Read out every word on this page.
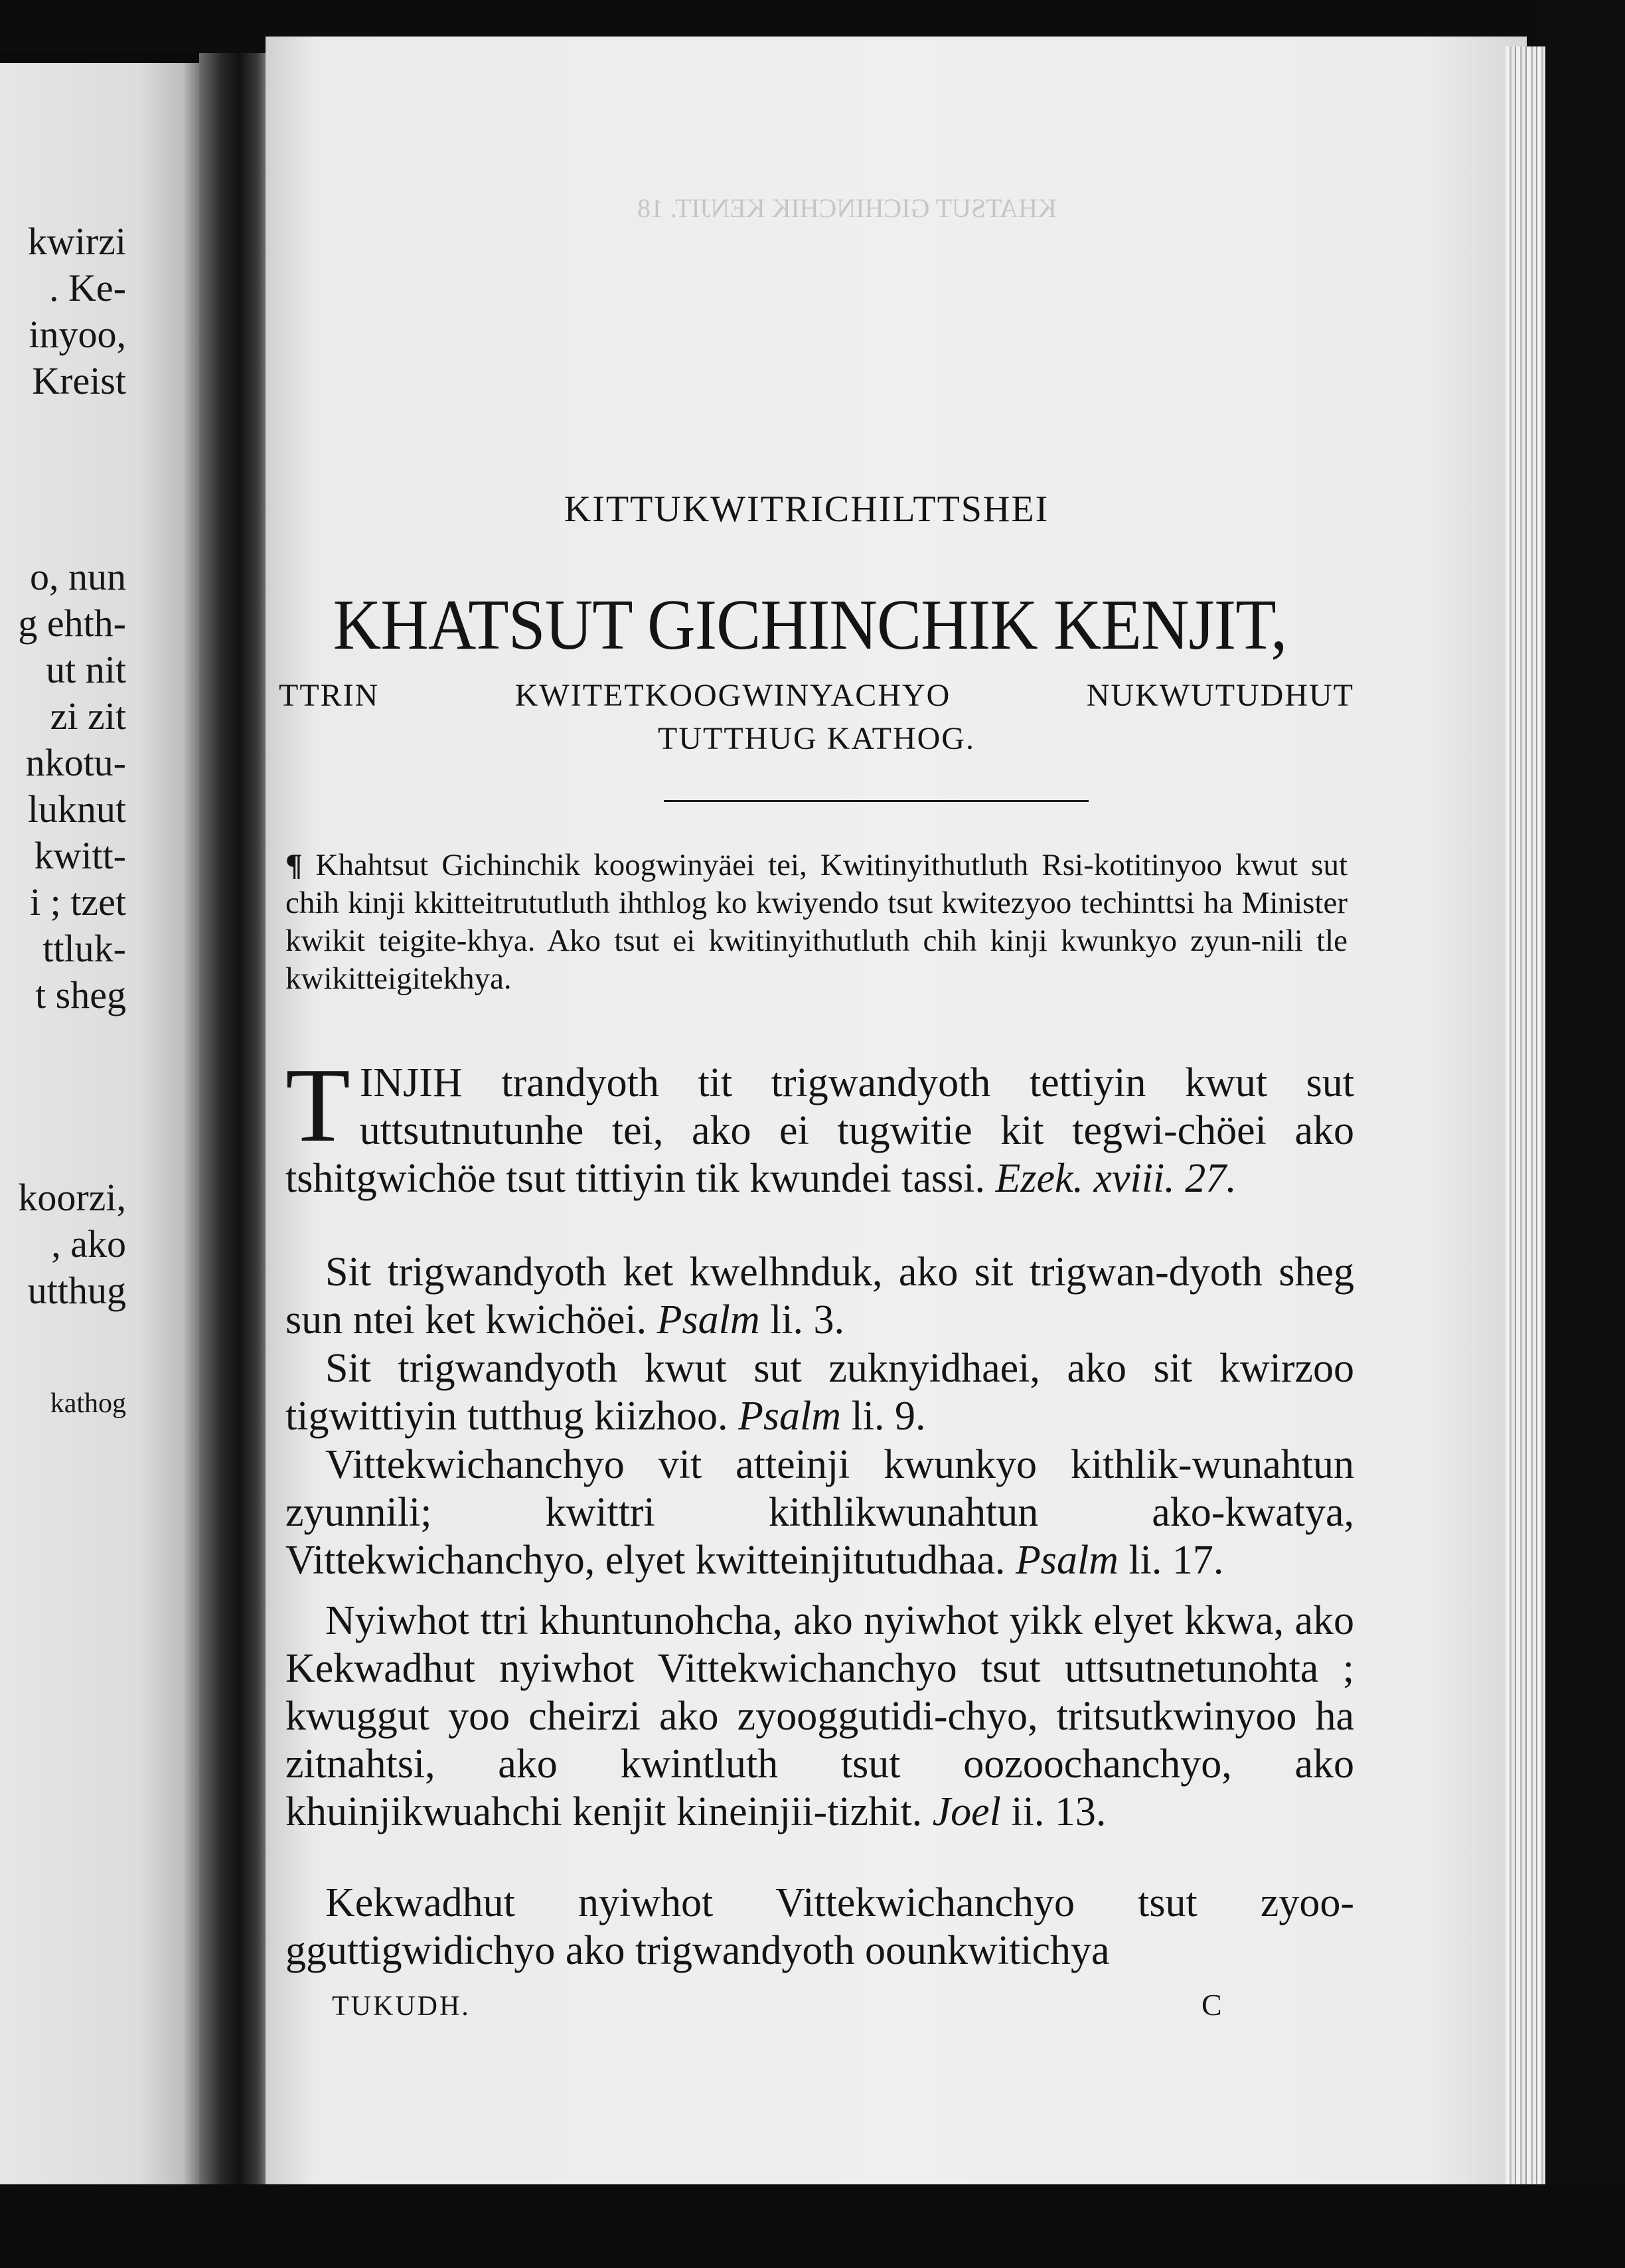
kwirzi
. Ke-
inyoo,
Kreist
o, nun
g ehth-
ut nit
zi zit
nkotu-
luknut
kwitt-
i ; tzet
ttluk-
t sheg
koorzi,
, ako
utthug
kathog
KHATSUT GICHINCHIK KENJIT. 18
KITTUKWITRICHILTTSHEI
KHATSUT GICHINCHIK KENJIT,
TTRIN KWITETKOOGWINYACHYO NUKWUTUDHUT
TUTTHUG KATHOG.
¶ Khahtsut Gichinchik koogwinyäei tei, Kwitinyithutluth Rsi-kotitinyoo kwut sut chih kinji kkitteitrututluth ihthlog ko kwiyendo tsut kwitezyoo techinttsi ha Minister kwikit teigite-khya. Ako tsut ei kwitinyithutluth chih kinji kwunkyo zyun-nili tle kwikitteigitekhya.
T INJIH trandyoth tit trigwandyoth tettiyin kwut sut uttsutnutunhe tei, ako ei tugwitie kit tegwi-chöei ako tshitgwichöe tsut tittiyin tik kwundei tassi. Ezek. xviii. 27.
Sit trigwandyoth ket kwelhnduk, ako sit trigwan-dyoth sheg sun ntei ket kwichöei. Psalm li. 3.
Sit trigwandyoth kwut sut zuknyidhaei, ako sit kwirzoo tigwittiyin tutthug kiizhoo. Psalm li. 9.
Vittekwichanchyo vit atteinji kwunkyo kithlik-wunahtun zyunnili; kwittri kithlikwunahtun ako-kwatya, Vittekwichanchyo, elyet kwitteinjitutudhaa. Psalm li. 17.
Nyiwhot ttri khuntunohcha, ako nyiwhot yikk elyet kkwa, ako Kekwadhut nyiwhot Vittekwichanchyo tsut uttsutnetunohta ; kwuggut yoo cheirzi ako zyooggutidi-chyo, tritsutkwinyoo ha zitnahtsi, ako kwintluth tsut oozoochanchyo, ako khuinjikwuahchi kenjit kineinjii-tizhit. Joel ii. 13.
Kekwadhut nyiwhot Vittekwichanchyo tsut zyoo-gguttigwidichyo ako trigwandyoth oounkwitichya
TUKUDH.	C
